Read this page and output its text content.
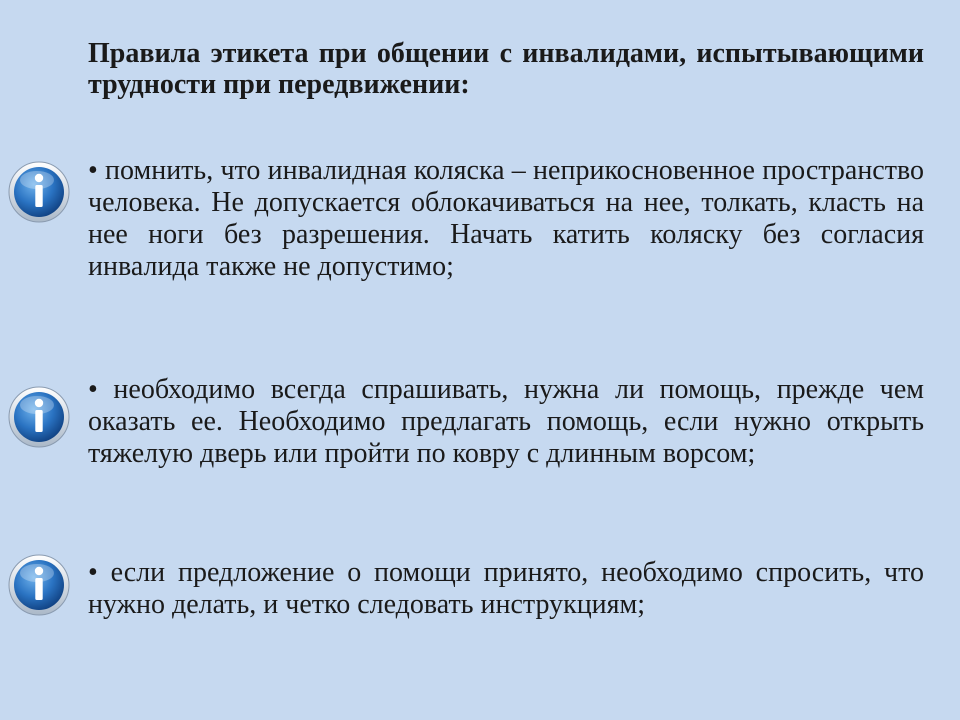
Правила этикета при общении с инвалидами, испытывающими трудности при передвижении:

• помнить, что инвалидная коляска – неприкосновенное пространство человека. Не допускается облокачиваться на нее, толкать, класть на нее ноги без разрешения. Начать катить коляску без согласия инвалида также не допустимо;

• необходимо всегда спрашивать, нужна ли помощь, прежде чем оказать ее. Необходимо предлагать помощь, если нужно открыть тяжелую дверь или пройти по ковру с длинным ворсом;

• если предложение о помощи принято, необходимо спросить, что нужно делать, и четко следовать инструкциям;
